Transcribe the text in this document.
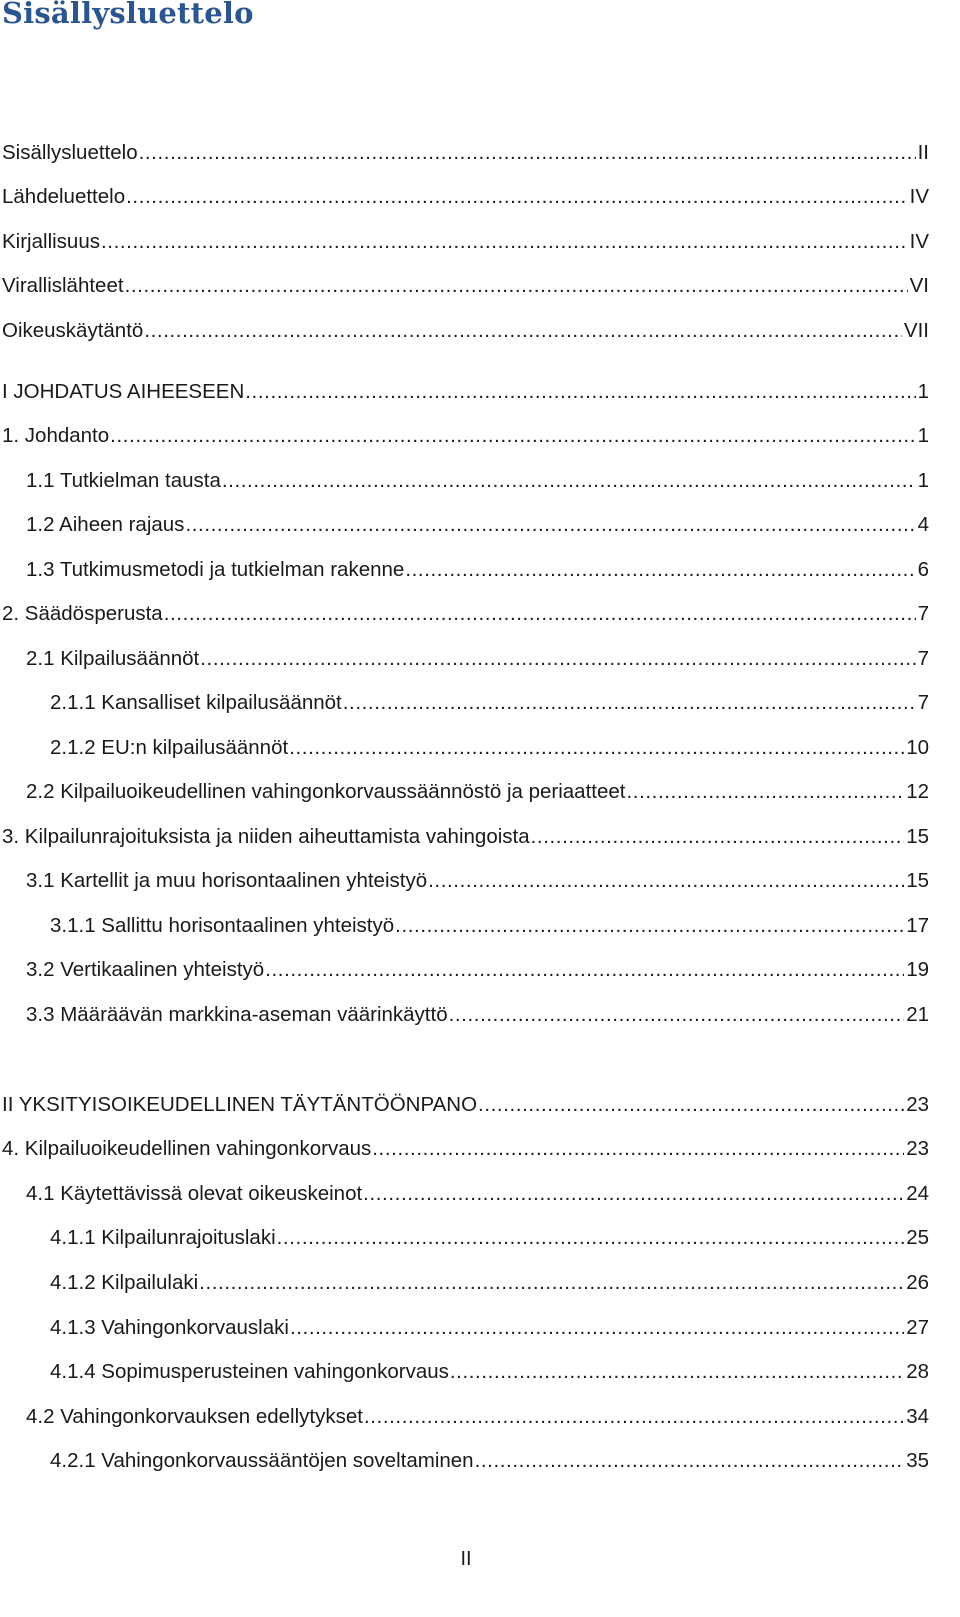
Sisällysluettelo
Sisällysluettelo .....	II
Lähdeluettelo .....	IV
Kirjallisuus .....	IV
Virallislähteet .....	VI
Oikeuskäytäntö .....	VII
I JOHDATUS AIHEESEEN .....	1
1. Johdanto .....	1
1.1 Tutkielman tausta .....	1
1.2 Aiheen rajaus .....	4
1.3 Tutkimusmetodi ja tutkielman rakenne .....	6
2. Säädösperusta .....	7
2.1 Kilpailusäännöt .....	7
2.1.1 Kansalliset kilpailusäännöt .....	7
2.1.2 EU:n kilpailusäännöt .....	10
2.2 Kilpailuoikeudellinen vahingonkorvaussäännöstö ja periaatteet .....	12
3. Kilpailunrajoituksista ja niiden aiheuttamista vahingoista .....	15
3.1 Kartellit ja muu horisontaalinen yhteistyö .....	15
3.1.1 Sallittu horisontaalinen yhteistyö .....	17
3.2 Vertikaalinen yhteistyö .....	19
3.3 Määräävän markkina-aseman väärinkäyttö .....	21
II YKSITYISOIKEUDELLINEN TÄYTÄNTÖÖNPANO .....	23
4. Kilpailuoikeudellinen vahingonkorvaus .....	23
4.1 Käytettävissä olevat oikeuskeinot .....	24
4.1.1 Kilpailunrajoituslaki .....	25
4.1.2 Kilpailulaki .....	26
4.1.3 Vahingonkorvauslaki .....	27
4.1.4 Sopimusperusteinen vahingonkorvaus .....	28
4.2 Vahingonkorvauksen edellytykset .....	34
4.2.1 Vahingonkorvaussääntöjen soveltaminen .....	35
II
